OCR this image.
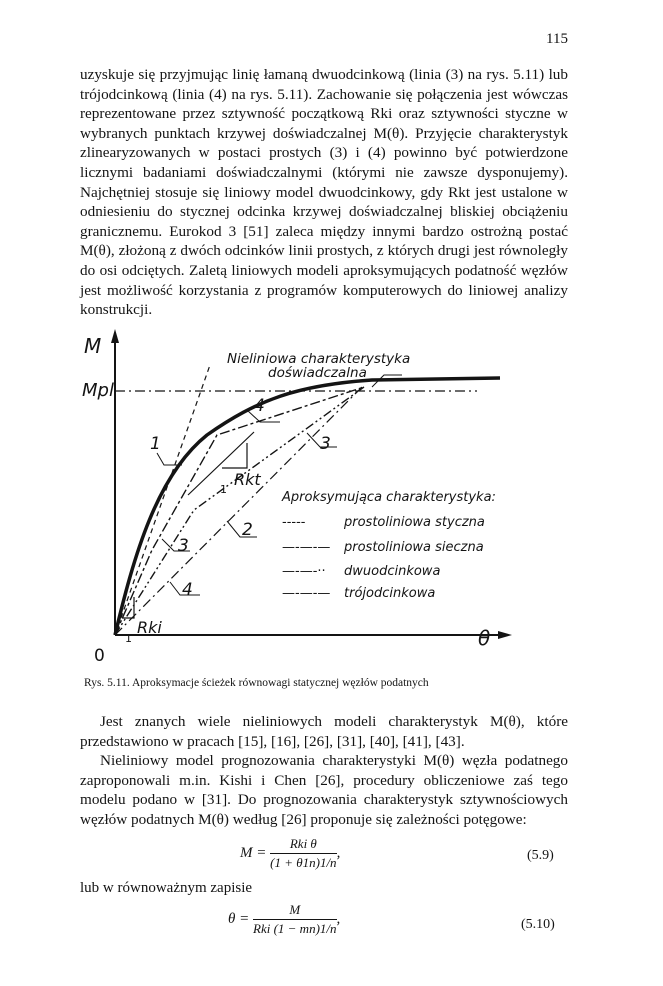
115

uzyskuje się przyjmując linię łamaną dwuodcinkową (linia (3) na rys. 5.11) lub trójodcinkową (linia (4) na rys. 5.11). Zachowanie się połączenia jest wówczas reprezentowane przez sztywność początkową Rki oraz sztywności styczne w wybranych punktach krzywej doświadczalnej M(θ). Przyjęcie charakterystyk zlinearyzowanych w postaci prostych (3) i (4) powinno być potwierdzone licznymi badaniami doświadczalnymi (którymi nie zawsze dysponujemy). Najchętniej stosuje się liniowy model dwuodcinkowy, gdy Rkt jest ustalone w odniesieniu do stycznej odcinka krzywej doświadczalnej bliskiej obciążeniu granicznemu. Eurokod 3 [51] zaleca między innymi bardzo ostrożną postać M(θ), złożoną z dwóch odcinków linii prostych, z których drugi jest równoległy do osi odciętych. Zaletą liniowych modeli aproksymujących podatność węzłów jest możliwość korzystania z programów komputerowych do liniowej analizy konstrukcji.

M
Mpl
0
θ
Nieliniowa charakterystyka
doświadczalna
Rkt
1
Rki
1
1
2
3
3
4
4
Aproksymująca charakterystyka:
-----	prostoliniowa styczna
—-—-— prostoliniowa sieczna
—-—-·· dwuodcinkowa
—-—-— trójodcinkowa
Rys. 5.11. Aproksymacje ścieżek równowagi statycznej węzłów podatnych

Jest znanych wiele nieliniowych modeli charakterystyk M(θ), które przedstawiono w pracach [15], [16], [26], [31], [40], [41], [43].

Nieliniowy model prognozowania charakterystyki M(θ) węzła podatnego zaproponowali m.in. Kishi i Chen [26], procedury obliczeniowe zaś tego modelu podano w [31]. Do prognozowania charakterystyk sztywnościowych węzłów podatnych M(θ) według [26] proponuje się zależności potęgowe:

$M = \frac{\text{Rki θ}}{(1 + \theta 1n)1/n}$ ,	(5.9)
lub w równoważnym zapisie
$\theta = \frac{M}{\text{Rki (1 − mn)1/n}}$ ,	(5.10)
